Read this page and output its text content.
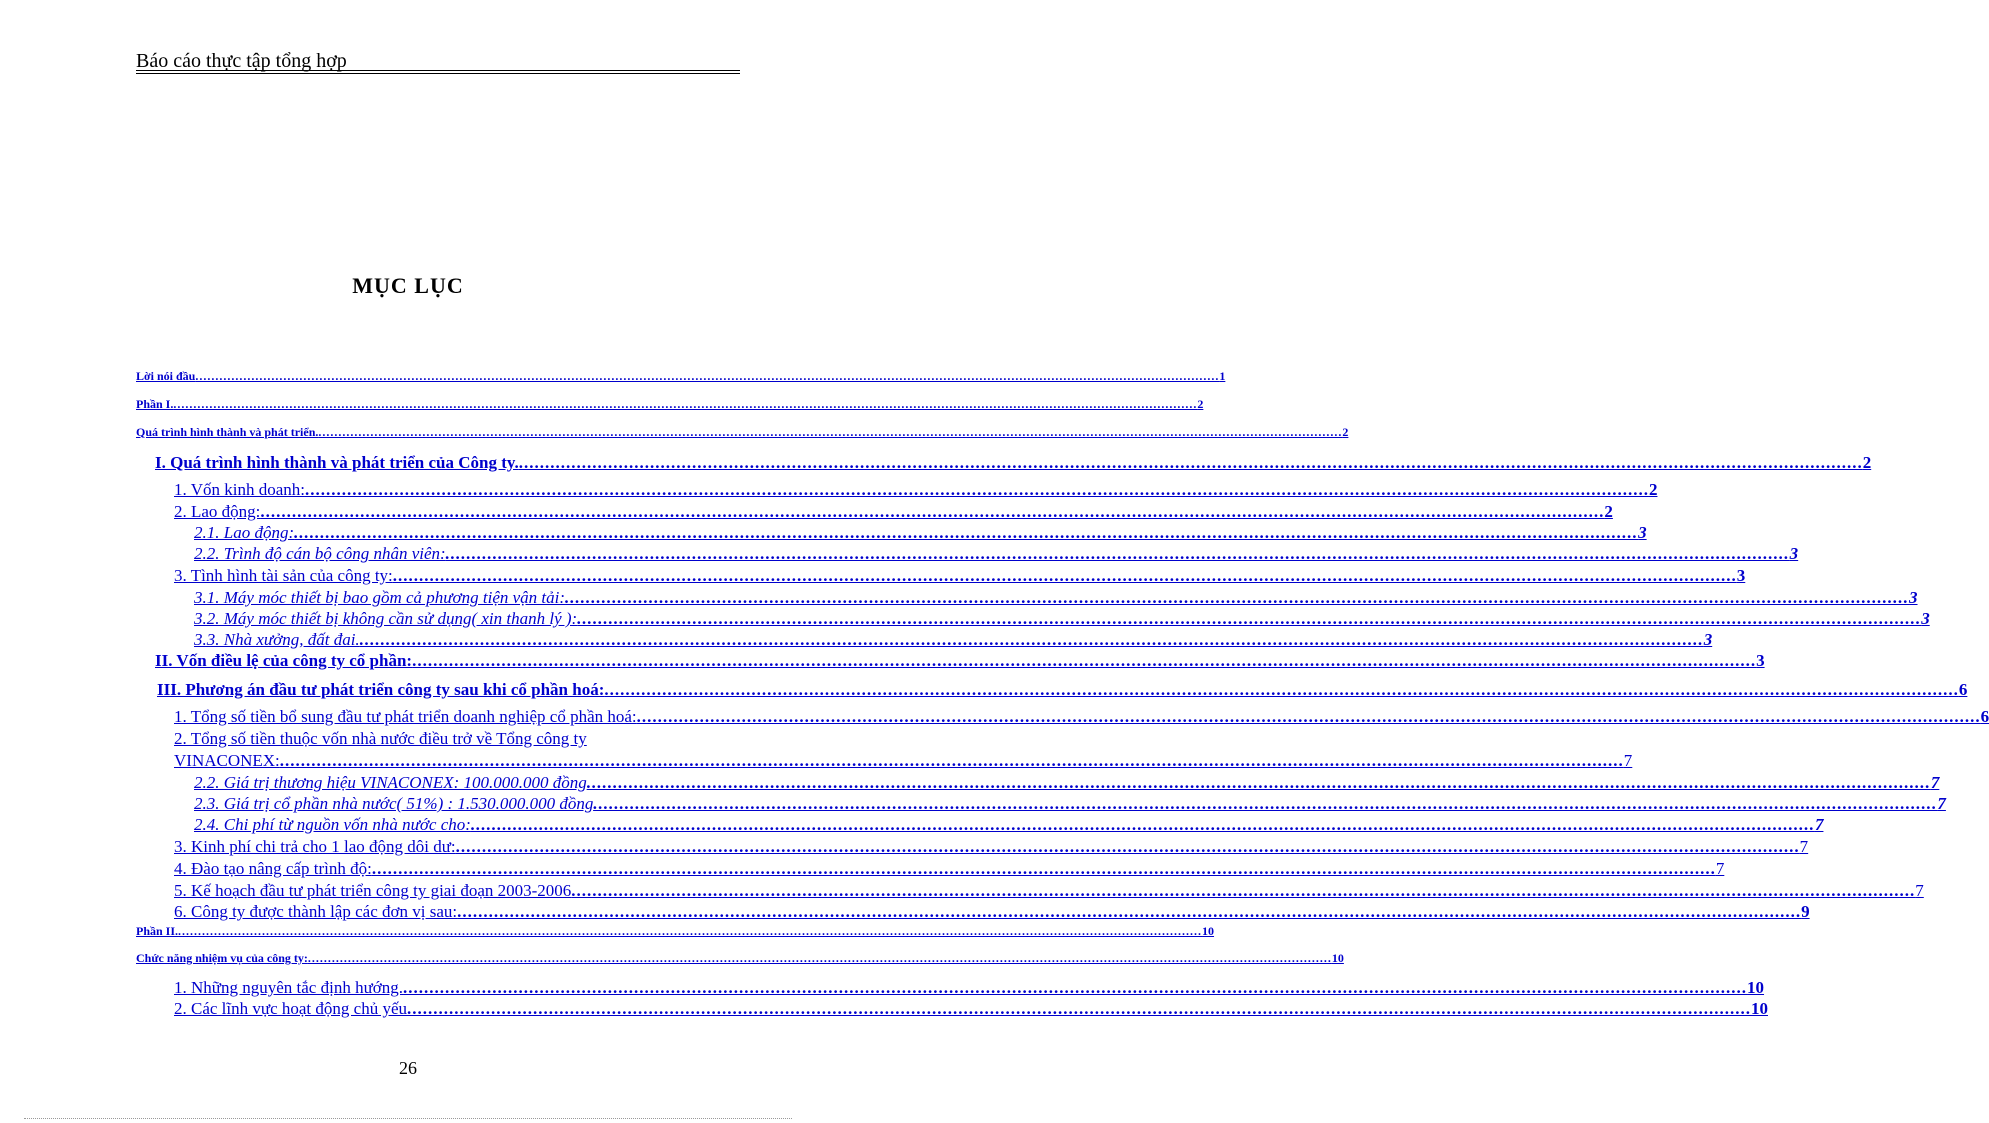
Báo cáo thực tập tổng hợp
MỤC LỤC
Lời nói đầu .....	1
Phần I. .....	2
Quá trình hình thành và phát triển. .....	2
I. Quá trình hình thành và phát triển của Công ty. .....	2
1. Vốn kinh doanh: .....	2
2. Lao động: .....	2
2.1. Lao động: .....	3
2.2. Trình độ cán bộ công nhân viên: .....	3
3. Tình hình tài sản của công ty: .....	3
3.1. Máy móc thiết bị bao gồm cả phương tiện vận tải: .....	3
3.2. Máy móc thiết bị không cần sử dụng( xin thanh lý ): .....	3
3.3. Nhà xưởng, đất đai. .....	3
II. Vốn điều lệ của công ty cổ phần: .....	3
III. Phương án đầu tư phát triển công ty sau khi cổ phần hoá:	..... .. 6
1. Tổng số tiền bổ sung đầu tư phát triển doanh nghiệp cổ phần hoá: .....	6
2. Tổng số tiền thuộc vốn nhà nước điều trở về Tổng công ty
VINACONEX: .....	7
2.2. Giá trị thương hiệu VINACONEX: 100.000.000 đồng .....	7
2.3. Giá trị cổ phần nhà nước( 51%) : 1.530.000.000 đồng .....	7
2.4. Chi phí từ nguồn vốn nhà nước cho: .....	7
3. Kinh phí chi trả cho 1 lao động dôi dư: .....	7
4. Đào tạo nâng cấp trình độ: .....	7
5. Kế hoạch đầu tư phát triển công ty giai đoạn 2003-2006 .....	7
6. Công ty được thành lập các đơn vị sau: .....	9
Phần II. .....	10
Chức năng nhiệm vụ của công ty: .....	10
1. Những nguyên tắc định hướng. .....	10
2. Các lĩnh vực hoạt động chủ yếu .....	10
26
